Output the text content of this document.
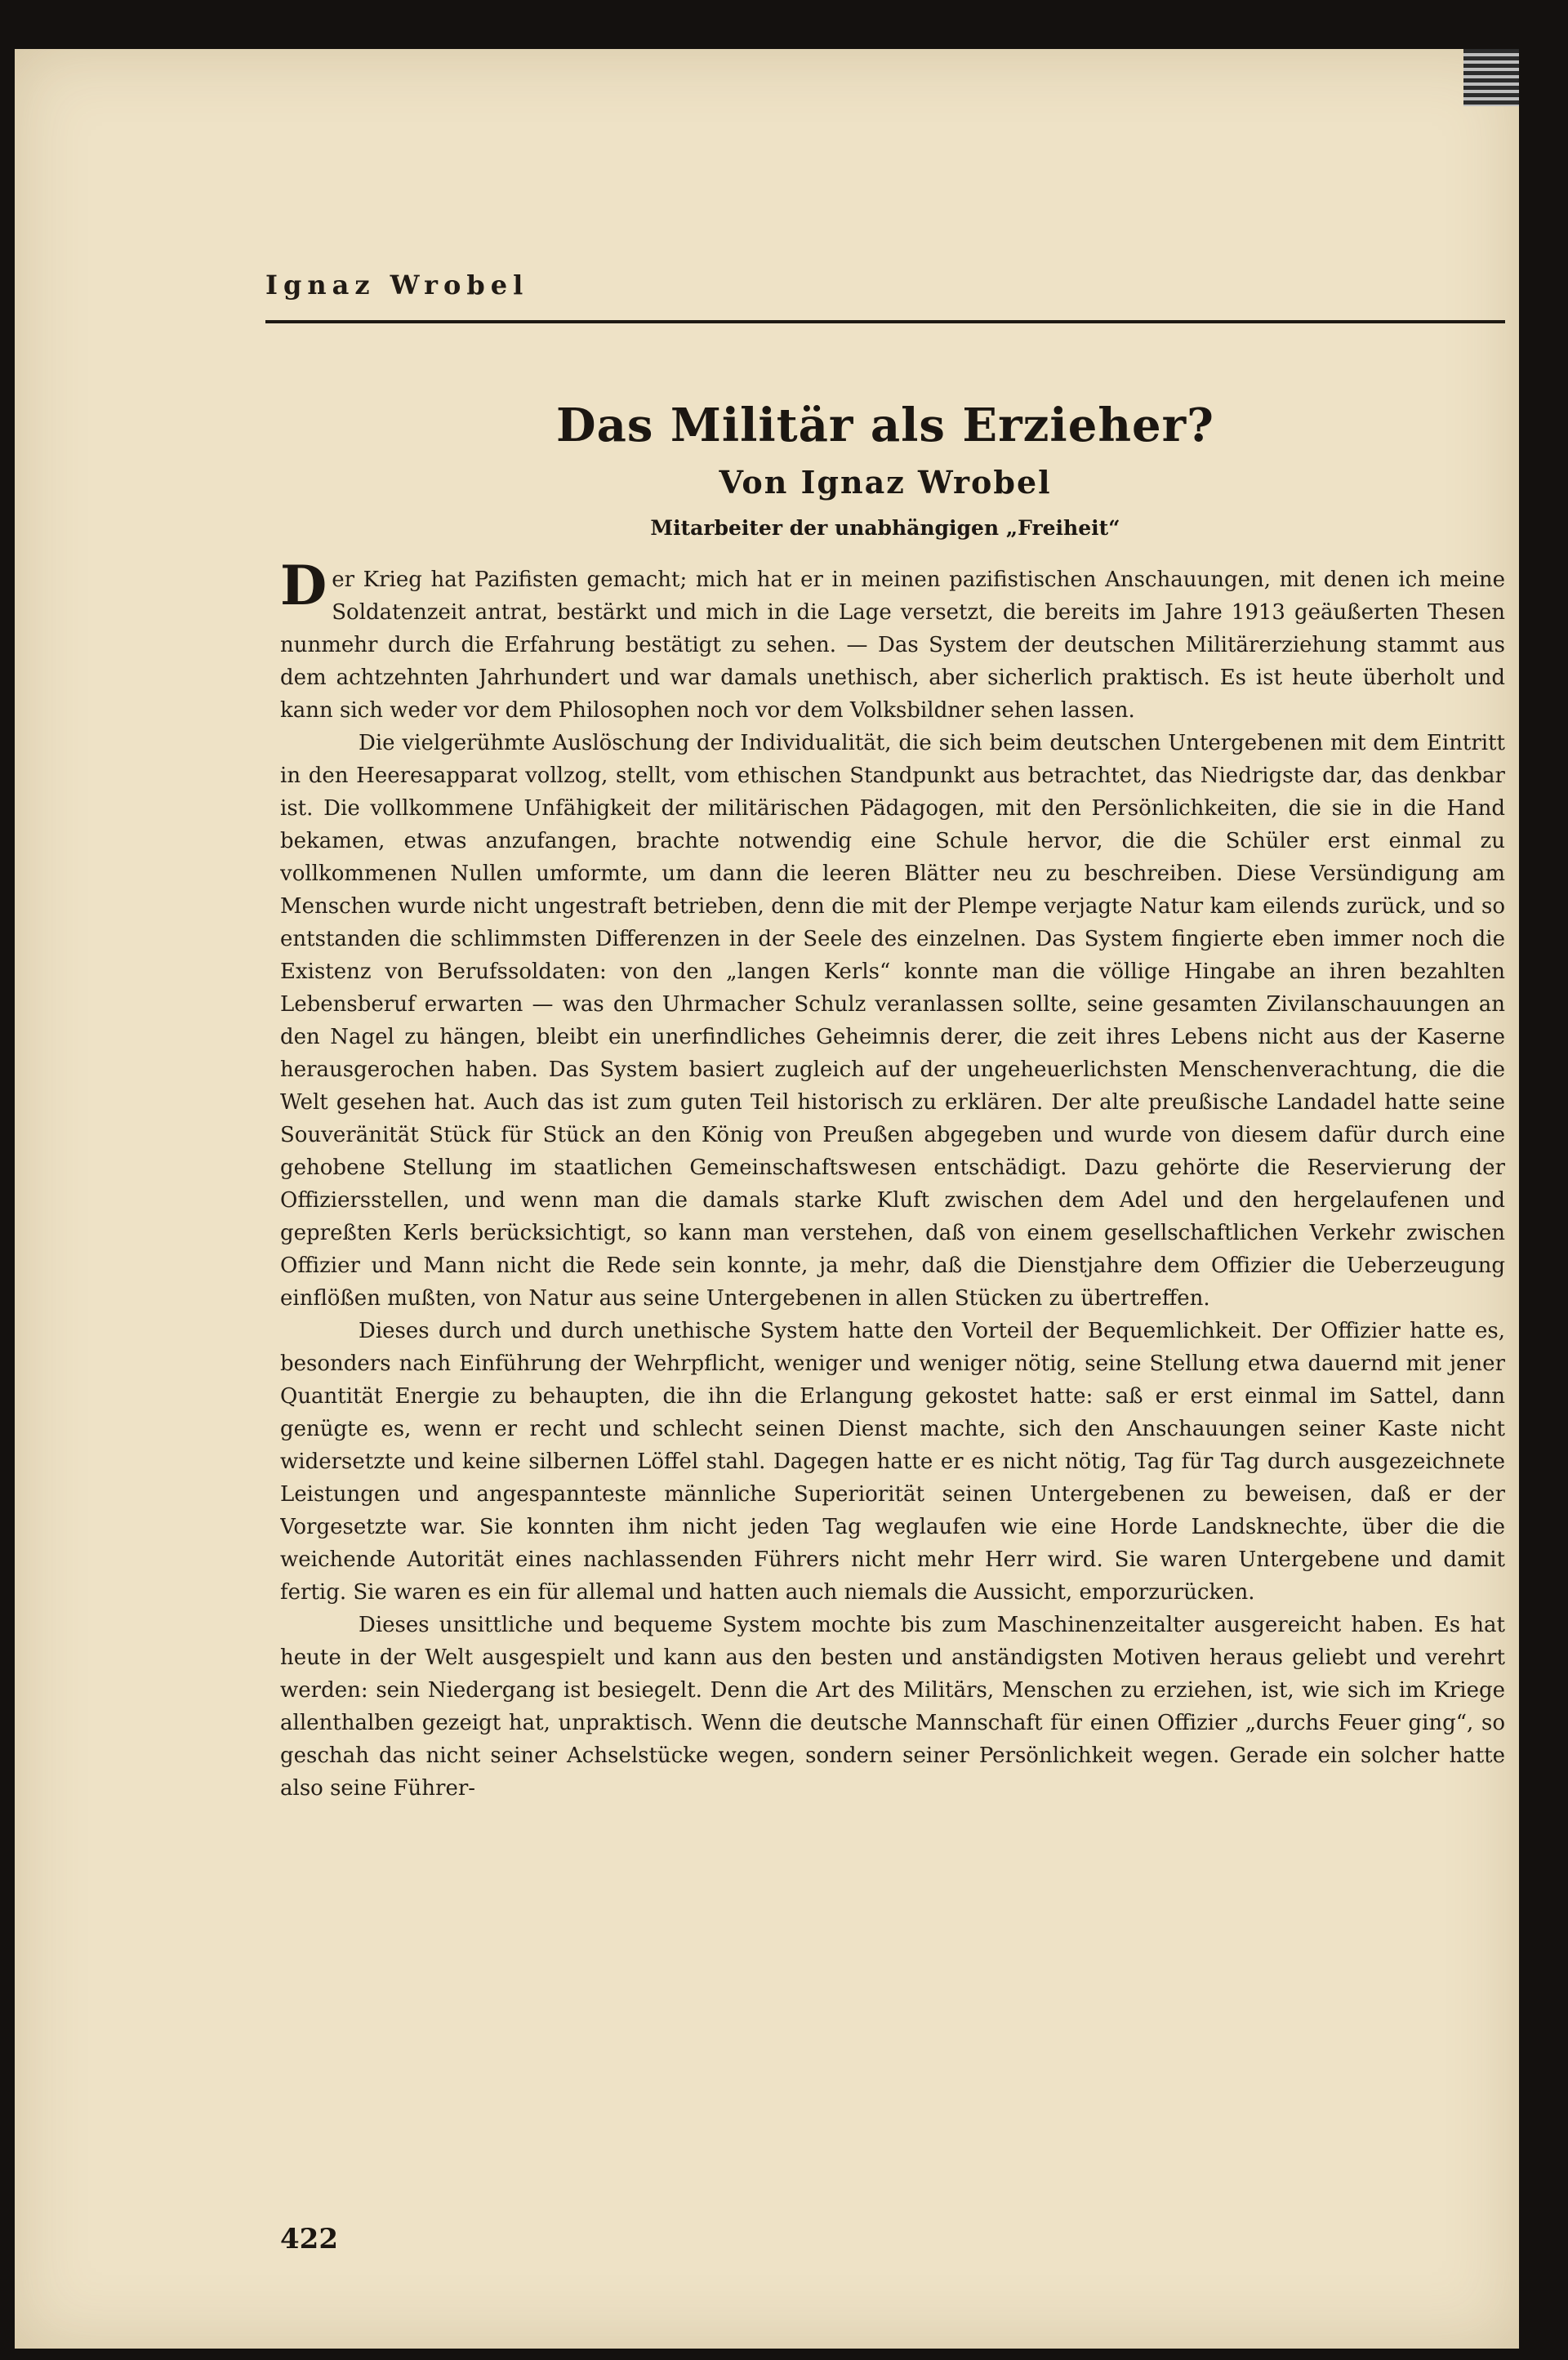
Ignaz Wrobel
Das Militär als Erzieher?
Von Ignaz Wrobel
Mitarbeiter der unabhängigen „Freiheit“

Der Krieg hat Pazifisten gemacht; mich hat er in meinen pazifistischen Anschauungen, mit denen ich meine Soldatenzeit antrat, bestärkt und mich in die Lage versetzt, die bereits im Jahre 1913 geäußerten Thesen nunmehr durch die Erfahrung bestätigt zu sehen. — Das System der deutschen Militärerziehung stammt aus dem achtzehnten Jahrhundert und war damals unethisch, aber sicherlich praktisch. Es ist heute überholt und kann sich weder vor dem Philosophen noch vor dem Volksbildner sehen lassen.

Die vielgerühmte Auslöschung der Individualität, die sich beim deutschen Untergebenen mit dem Eintritt in den Heeresapparat vollzog, stellt, vom ethischen Standpunkt aus betrachtet, das Niedrigste dar, das denkbar ist. Die vollkommene Unfähigkeit der militärischen Pädagogen, mit den Persönlichkeiten, die sie in die Hand bekamen, etwas anzufangen, brachte notwendig eine Schule hervor, die die Schüler erst einmal zu vollkommenen Nullen umformte, um dann die leeren Blätter neu zu beschreiben. Diese Versündigung am Menschen wurde nicht ungestraft betrieben, denn die mit der Plempe verjagte Natur kam eilends zurück, und so entstanden die schlimmsten Differenzen in der Seele des einzelnen. Das System fingierte eben immer noch die Existenz von Berufssoldaten: von den „langen Kerls“ konnte man die völlige Hingabe an ihren bezahlten Lebensberuf erwarten — was den Uhrmacher Schulz veranlassen sollte, seine gesamten Zivilanschauungen an den Nagel zu hängen, bleibt ein unerfindliches Geheimnis derer, die zeit ihres Lebens nicht aus der Kaserne herausgerochen haben. Das System basiert zugleich auf der ungeheuerlichsten Menschenverachtung, die die Welt gesehen hat. Auch das ist zum guten Teil historisch zu erklären. Der alte preußische Landadel hatte seine Souveränität Stück für Stück an den König von Preußen abgegeben und wurde von diesem dafür durch eine gehobene Stellung im staatlichen Gemeinschaftswesen entschädigt. Dazu gehörte die Reservierung der Offiziersstellen, und wenn man die damals starke Kluft zwischen dem Adel und den hergelaufenen und gepreßten Kerls berücksichtigt, so kann man verstehen, daß von einem gesellschaftlichen Verkehr zwischen Offizier und Mann nicht die Rede sein konnte, ja mehr, daß die Dienstjahre dem Offizier die Ueberzeugung einflößen mußten, von Natur aus seine Untergebenen in allen Stücken zu übertreffen.

Dieses durch und durch unethische System hatte den Vorteil der Bequemlichkeit. Der Offizier hatte es, besonders nach Einführung der Wehrpflicht, weniger und weniger nötig, seine Stellung etwa dauernd mit jener Quantität Energie zu behaupten, die ihn die Erlangung gekostet hatte: saß er erst einmal im Sattel, dann genügte es, wenn er recht und schlecht seinen Dienst machte, sich den Anschauungen seiner Kaste nicht widersetzte und keine silbernen Löffel stahl. Dagegen hatte er es nicht nötig, Tag für Tag durch ausgezeichnete Leistungen und angespannteste männliche Superiorität seinen Untergebenen zu beweisen, daß er der Vorgesetzte war. Sie konnten ihm nicht jeden Tag weglaufen wie eine Horde Landsknechte, über die die weichende Autorität eines nachlassenden Führers nicht mehr Herr wird. Sie waren Untergebene und damit fertig. Sie waren es ein für allemal und hatten auch niemals die Aussicht, emporzurücken.

Dieses unsittliche und bequeme System mochte bis zum Maschinenzeitalter ausgereicht haben. Es hat heute in der Welt ausgespielt und kann aus den besten und anständigsten Motiven heraus geliebt und verehrt werden: sein Niedergang ist besiegelt. Denn die Art des Militärs, Menschen zu erziehen, ist, wie sich im Kriege allenthalben gezeigt hat, unpraktisch. Wenn die deutsche Mannschaft für einen Offizier „durchs Feuer ging“, so geschah das nicht seiner Achselstücke wegen, sondern seiner Persönlichkeit wegen. Gerade ein solcher hatte also seine Führer-

422
